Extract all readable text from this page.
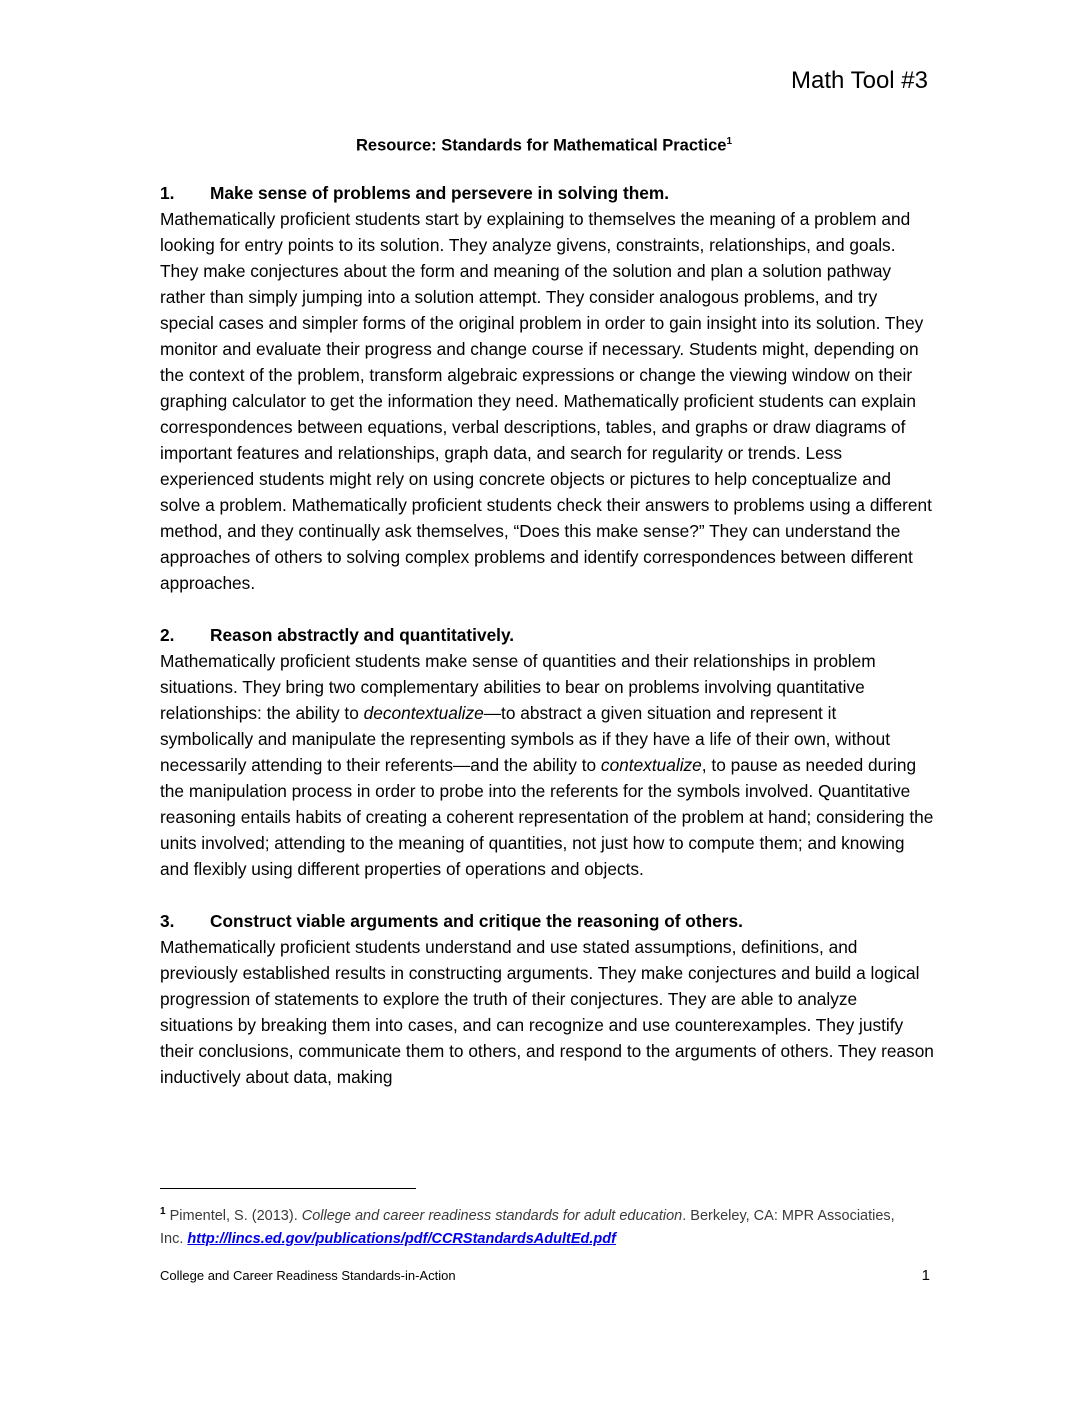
Math Tool #3
Resource: Standards for Mathematical Practice$^1$
1.	Make sense of problems and persevere in solving them.

Mathematically proficient students start by explaining to themselves the meaning of a problem and looking for entry points to its solution. They analyze givens, constraints, relationships, and goals. They make conjectures about the form and meaning of the solution and plan a solution pathway rather than simply jumping into a solution attempt. They consider analogous problems, and try special cases and simpler forms of the original problem in order to gain insight into its solution. They monitor and evaluate their progress and change course if necessary. Students might, depending on the context of the problem, transform algebraic expressions or change the viewing window on their graphing calculator to get the information they need. Mathematically proficient students can explain correspondences between equations, verbal descriptions, tables, and graphs or draw diagrams of important features and relationships, graph data, and search for regularity or trends. Less experienced students might rely on using concrete objects or pictures to help conceptualize and solve a problem. Mathematically proficient students check their answers to problems using a different method, and they continually ask themselves, “Does this make sense?” They can understand the approaches of others to solving complex problems and identify correspondences between different approaches.

2.	Reason abstractly and quantitatively.

Mathematically proficient students make sense of quantities and their relationships in problem situations. They bring two complementary abilities to bear on problems involving quantitative relationships: the ability to decontextualize—to abstract a given situation and represent it symbolically and manipulate the representing symbols as if they have a life of their own, without necessarily attending to their referents—and the ability to contextualize, to pause as needed during the manipulation process in order to probe into the referents for the symbols involved. Quantitative reasoning entails habits of creating a coherent representation of the problem at hand; considering the units involved; attending to the meaning of quantities, not just how to compute them; and knowing and flexibly using different properties of operations and objects.

3.	Construct viable arguments and critique the reasoning of others.

Mathematically proficient students understand and use stated assumptions, definitions, and previously established results in constructing arguments. They make conjectures and build a logical progression of statements to explore the truth of their conjectures. They are able to analyze situations by breaking them into cases, and can recognize and use counterexamples. They justify their conclusions, communicate them to others, and respond to the arguments of others. They reason inductively about data, making

$^1$ Pimentel, S. (2013). College and career readiness standards for adult education. Berkeley, CA: MPR Associaties, Inc. http://lincs.ed.gov/publications/pdf/CCRStandardsAdultEd.pdf
College and Career Readiness Standards-in-Action	1
